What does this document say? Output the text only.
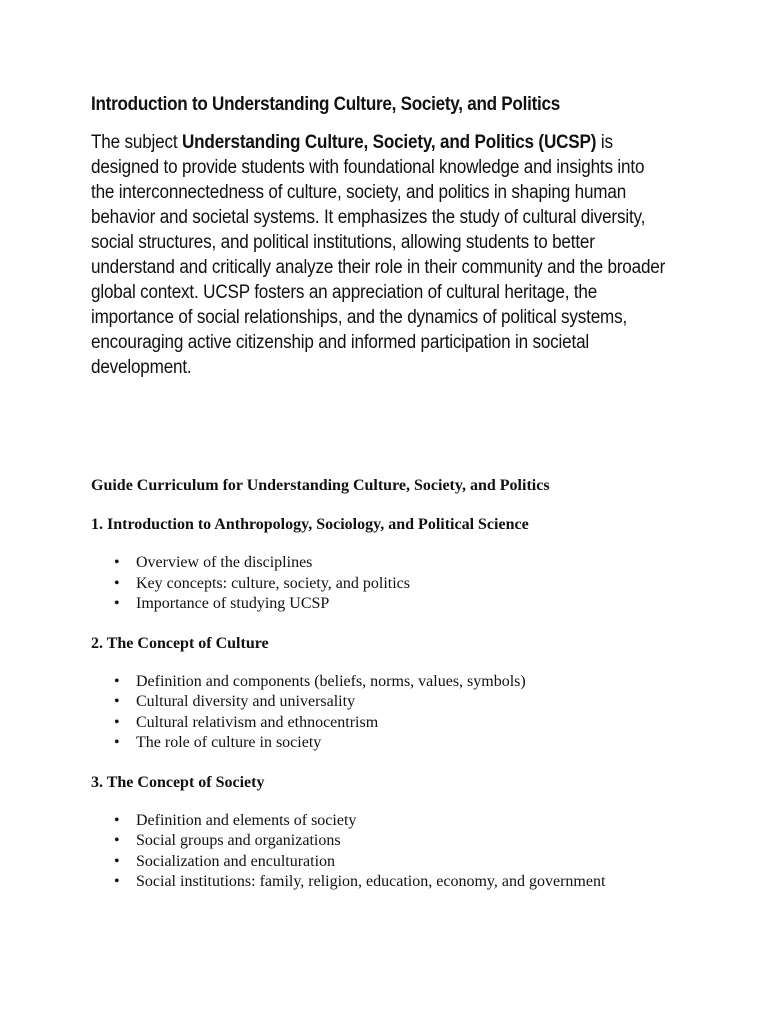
Introduction to Understanding Culture, Society, and Politics

The subject Understanding Culture, Society, and Politics (UCSP) is designed to provide students with foundational knowledge and insights into the interconnectedness of culture, society, and politics in shaping human behavior and societal systems. It emphasizes the study of cultural diversity, social structures, and political institutions, allowing students to better understand and critically analyze their role in their community and the broader global context. UCSP fosters an appreciation of cultural heritage, the importance of social relationships, and the dynamics of political systems, encouraging active citizenship and informed participation in societal development.

Guide Curriculum for Understanding Culture, Society, and Politics
1. Introduction to Anthropology, Sociology, and Political Science
• Overview of the disciplines
• Key concepts: culture, society, and politics
• Importance of studying UCSP
2. The Concept of Culture
• Definition and components (beliefs, norms, values, symbols)
• Cultural diversity and universality
• Cultural relativism and ethnocentrism
• The role of culture in society
3. The Concept of Society
• Definition and elements of society
• Social groups and organizations
• Socialization and enculturation
• Social institutions: family, religion, education, economy, and government
